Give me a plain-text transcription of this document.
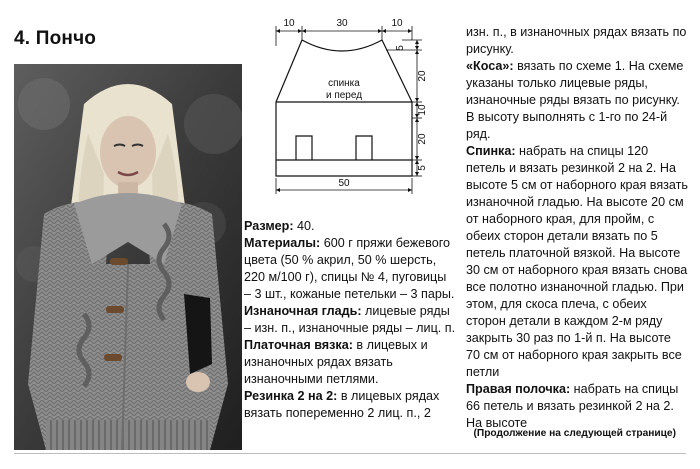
4. Пончо
10	30	10
спинка
и перед
5
20
10
20
5
50

Размер: 40.

Материалы: 600 г пряжи бежевого цвета (50 % акрил, 50 % шерсть, 220 м/100 г), спицы № 4, пуговицы – 3 шт., кожаные петельки – 3 пары.

Изнаночная гладь: лицевые ряды – изн. п., изнаночные ряды – лиц. п.

Платочная вязка: в лицевых и изнаночных рядах вязать изнаночными петлями.

Резинка 2 на 2: в лицевых рядах вязать попеременно 2 лиц. п., 2

изн. п., в изнаночных рядах вязать по рисунку.

«Коса»: вязать по схеме 1. На схеме указаны только лицевые ряды, изнаночные ряды вязать по рисунку. В высоту выполнять с 1-го по 24-й ряд.

Спинка: набрать на спицы 120 петель и вязать резинкой 2 на 2. На высоте 5 см от наборного края вязать изнаночной гладью. На высоте 20 см от наборного края, для пройм, с обеих сторон детали вязать по 5 петель платочной вязкой. На высоте 30 см от наборного края вязать снова все полотно изнаночной гладью. При этом, для скоса плеча, с обеих сторон детали в каждом 2-м ряду закрыть 30 раз по 1-й п. На высоте 70 см от наборного края закрыть все петли

Правая полочка: набрать на спицы 66 петель и вязать резинкой 2 на 2. На высоте

(Продолжение на следующей странице)
